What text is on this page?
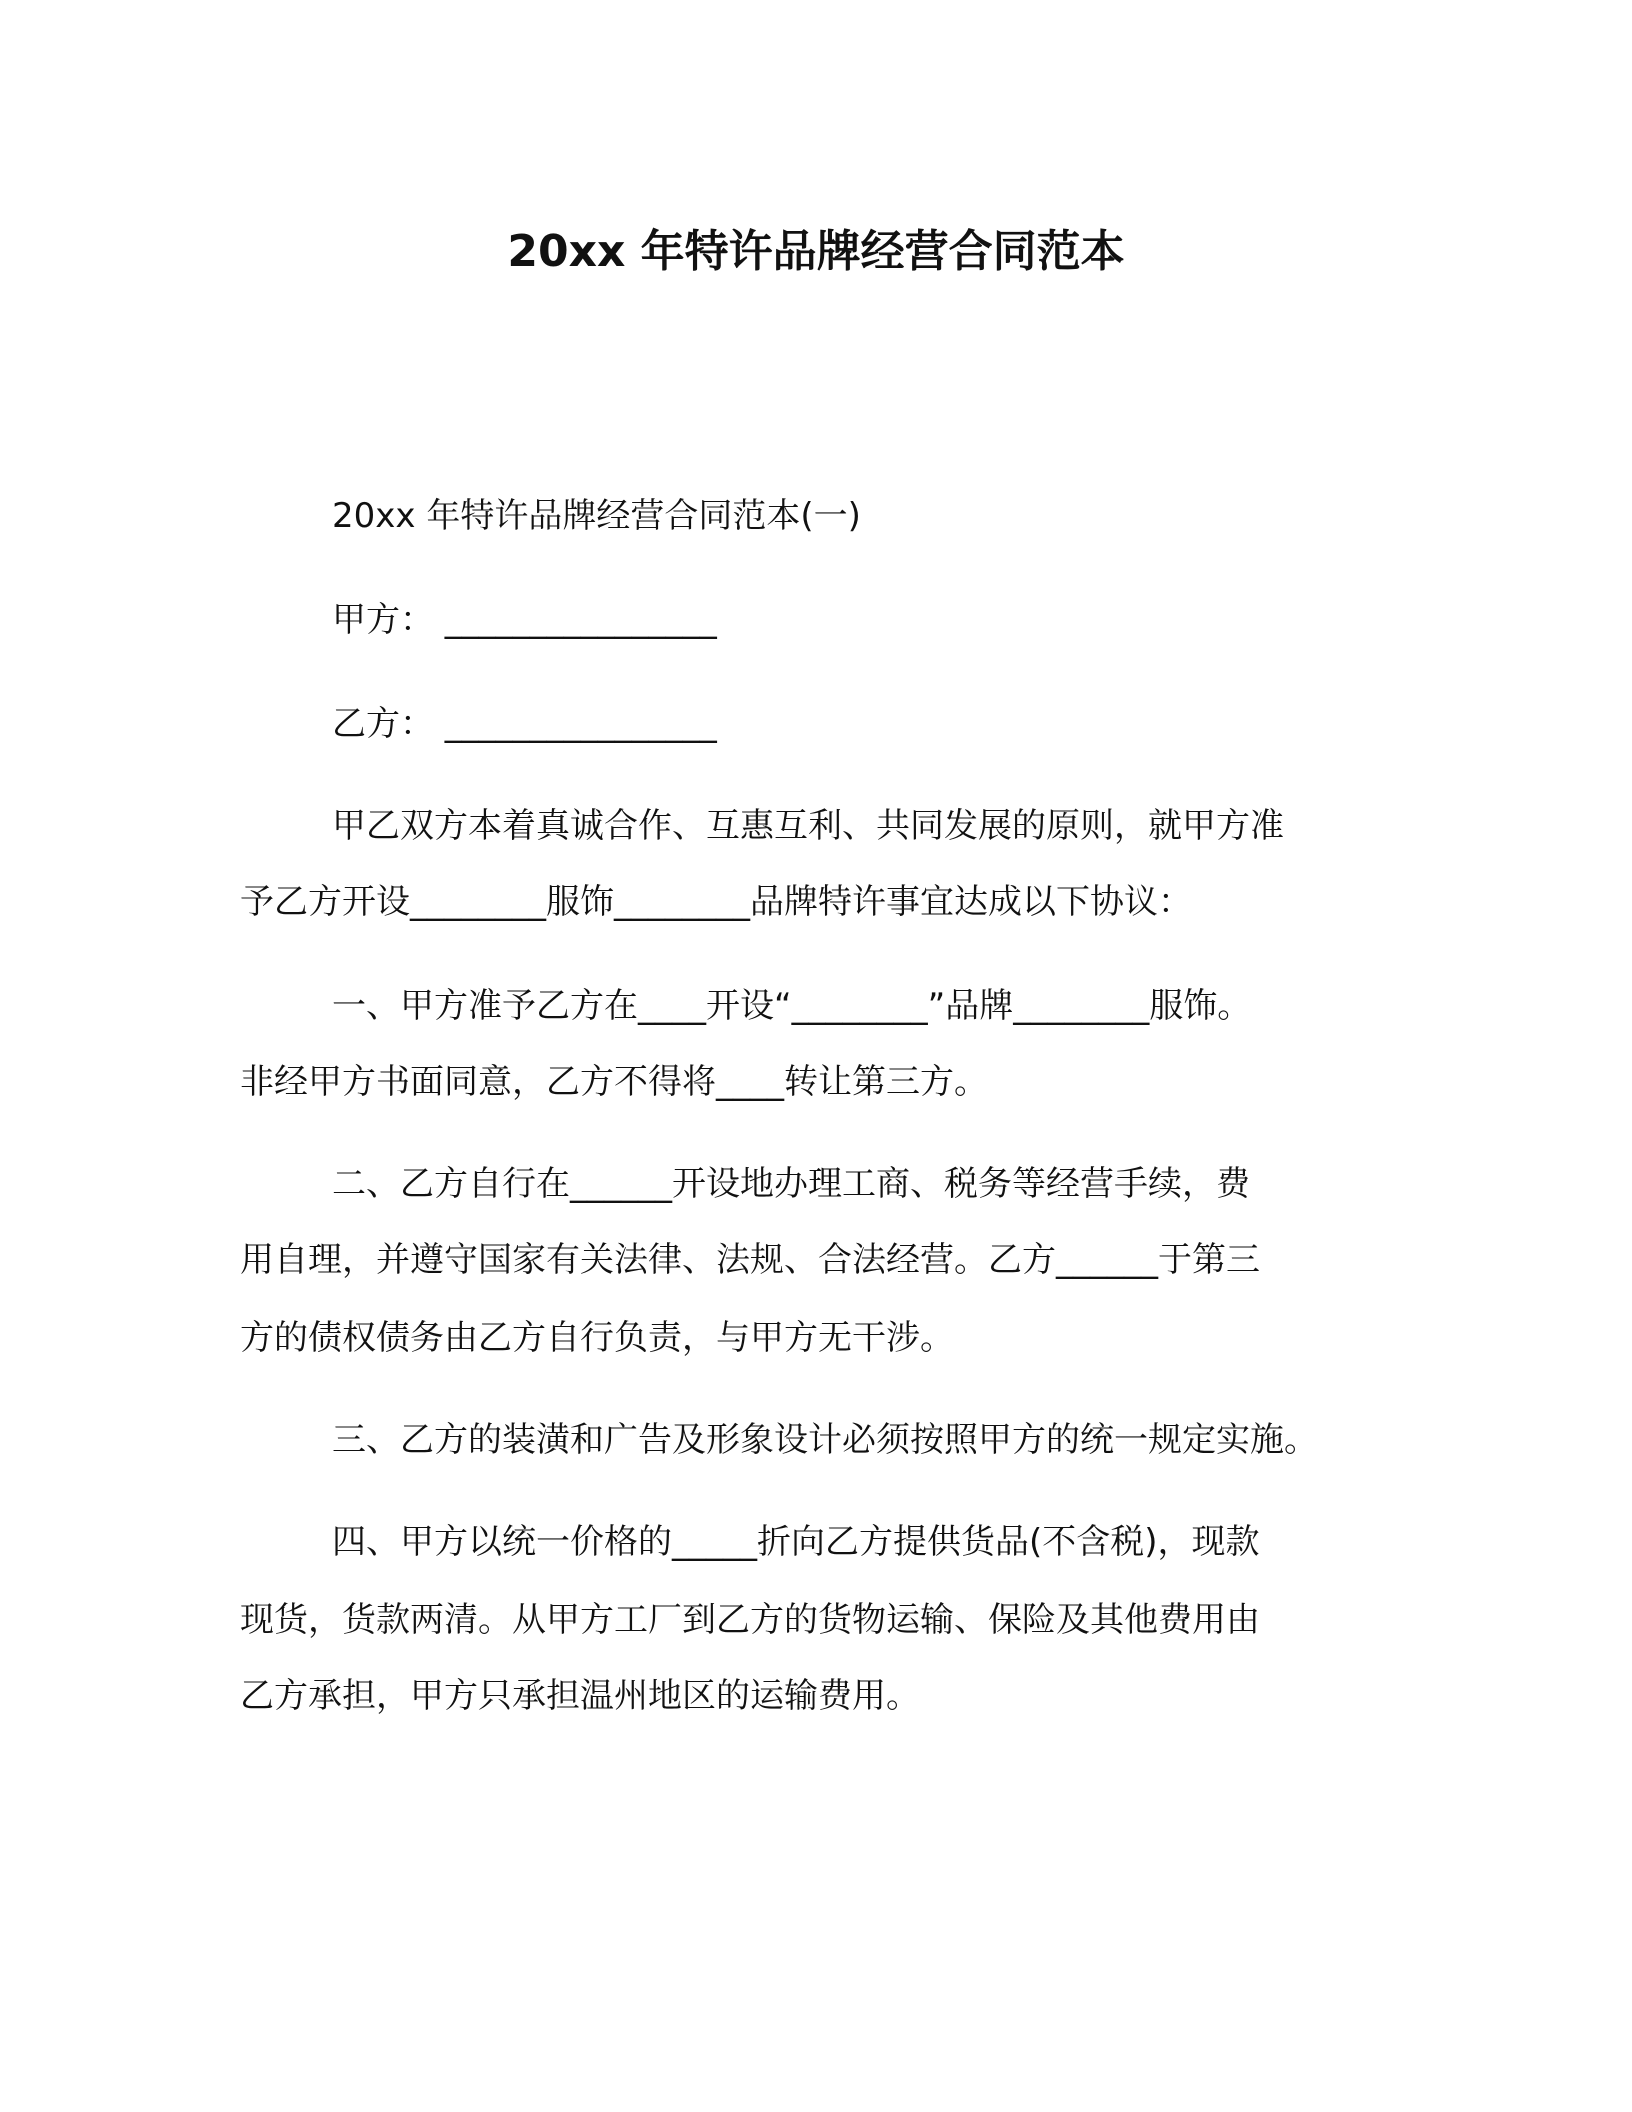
20xx 年特许品牌经营合同范本

20xx 年特许品牌经营合同范本(一)

甲方： ________________

乙方： ________________

甲乙双方本着真诚合作、互惠互利、共同发展的原则，就甲方准

予乙方开设________服饰________品牌特许事宜达成以下协议：

一、甲方准予乙方在____开设“________”品牌________服饰。

非经甲方书面同意，乙方不得将____转让第三方。

二、乙方自行在______开设地办理工商、税务等经营手续，费

用自理，并遵守国家有关法律、法规、合法经营。乙方______于第三

方的债权债务由乙方自行负责，与甲方无干涉。

三、乙方的装潢和广告及形象设计必须按照甲方的统一规定实施。

四、甲方以统一价格的_____折向乙方提供货品(不含税)，现款

现货，货款两清。从甲方工厂到乙方的货物运输、保险及其他费用由

乙方承担，甲方只承担温州地区的运输费用。
